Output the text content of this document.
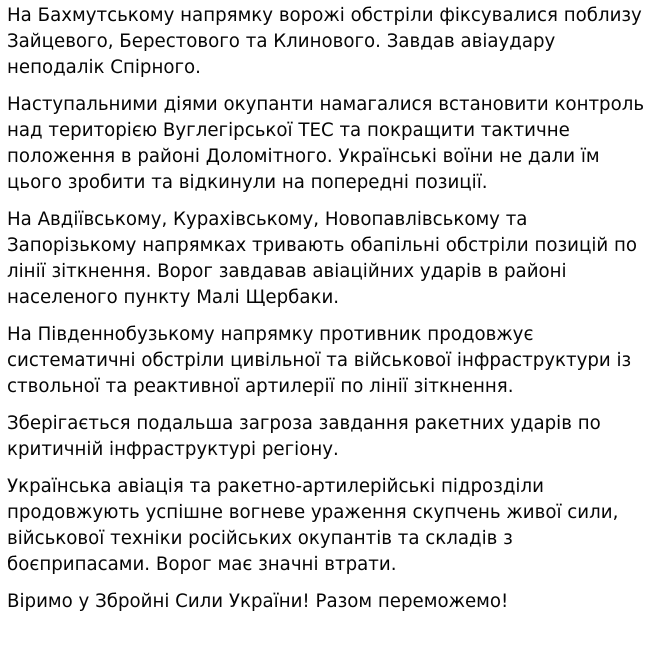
На Бахмутському напрямку ворожі обстріли фіксувалися поблизу Зайцевого, Берестового та Клинового. Завдав авіаудару неподалік Спірного.

Наступальними діями окупанти намагалися встановити контроль над територією Вуглегірської ТЕС та покращити тактичне положення в районі Доломітного. Українські воїни не дали їм цього зробити та відкинули на попередні позиції.

На Авдіївському, Курахівському, Новопавлівському та Запорізькому напрямках тривають обапільні обстріли позицій по лінії зіткнення. Ворог завдавав авіаційних ударів в районі населеного пункту Малі Щербаки.

На Південнобузькому напрямку противник продовжує систематичні обстріли цивільної та військової інфраструктури із ствольної та реактивної артилерії по лінії зіткнення.

Зберігається подальша загроза завдання ракетних ударів по критичній інфраструктурі регіону.

Українська авіація та ракетно-артилерійські підрозділи продовжують успішне вогневе ураження скупчень живої сили, військової техніки російських окупантів та складів з боєприпасами. Ворог має значні втрати.

Віримо у Збройні Сили України! Разом переможемо!
